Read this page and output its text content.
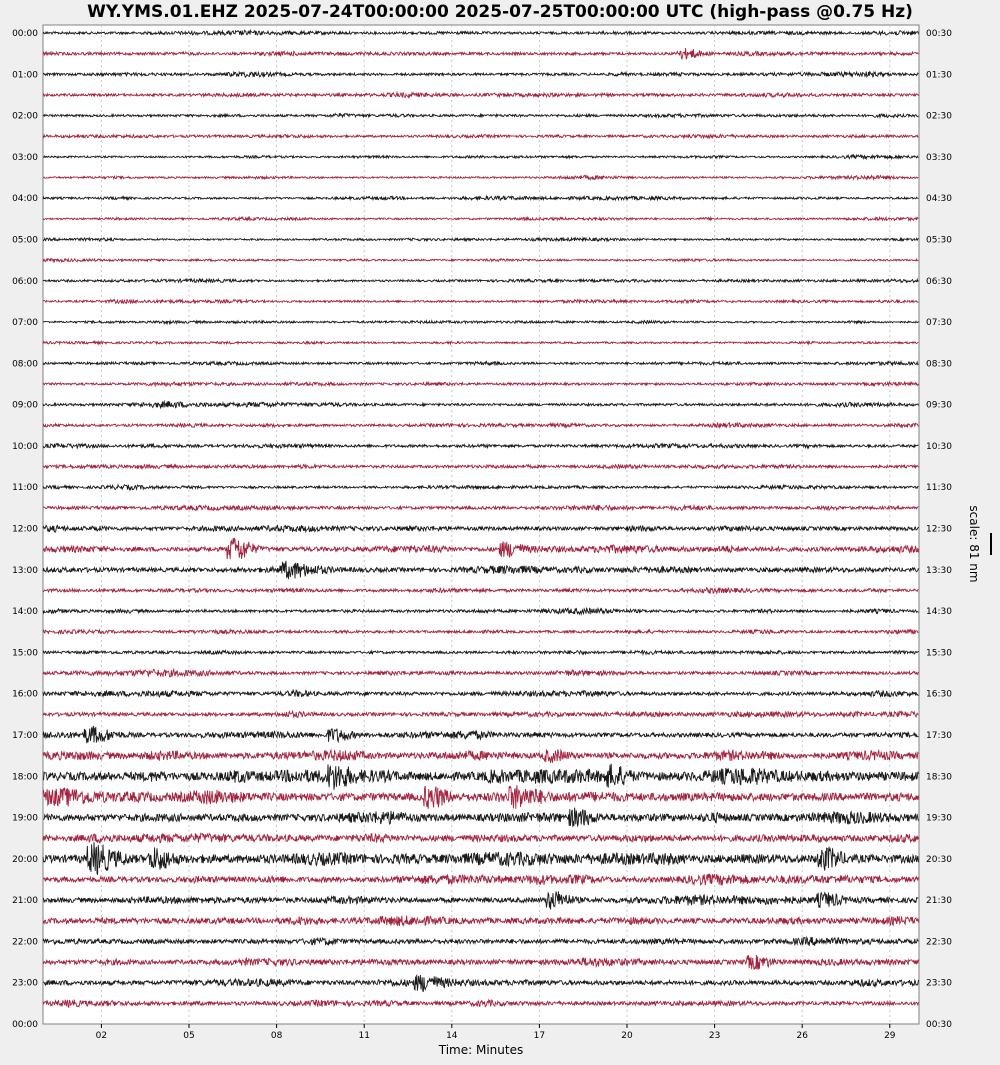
WY.YMS.01.EHZ 2025-07-24T00:00:00 2025-07-25T00:00:00 UTC (high-pass @0.75 Hz)
02	05	08	11	14	17	20	23	26	29
00:00	00:30
01:00	01:30
02:00	02:30
03:00	03:30
04:00	04:30
05:00	05:30
06:00	06:30
07:00	07:30
08:00	08:30
09:00	09:30
10:00	10:30
11:00	11:30
12:00	12:30
13:00	13:30
14:00	14:30
15:00	15:30
16:00	16:30
17:00	17:30
18:00	18:30
19:00	19:30
20:00	20:30
21:00	21:30
22:00	22:30
23:00	23:30
00:00	00:30
Time: Minutes
scale: 81 nm
